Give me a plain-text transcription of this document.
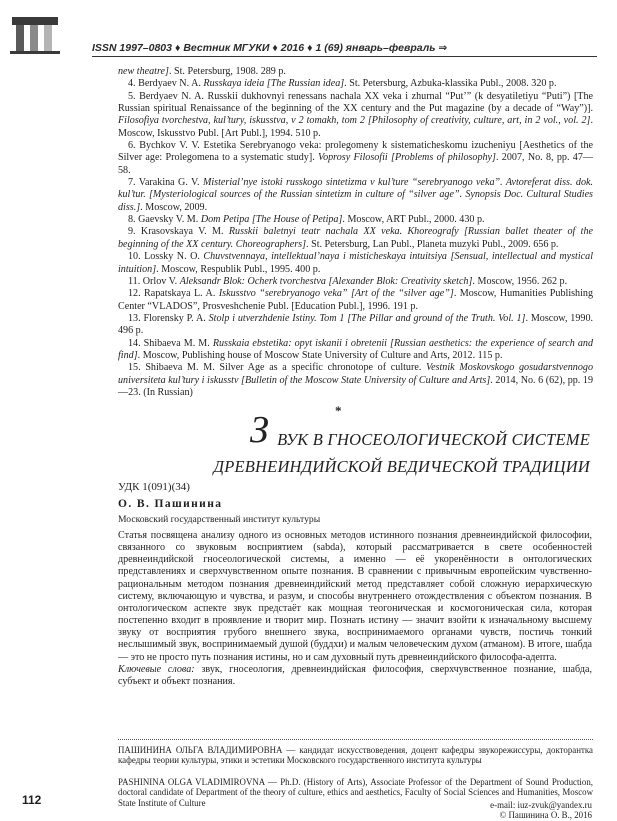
ISSN 1997–0803 ♦ Вестник МГУКИ ♦ 2016 ♦ 1 (69) январь–февраль ⇒

new theatre]. St. Petersburg, 1908. 289 p.

4. Berdyaev N. A. Russkaya ideia [The Russian idea]. St. Petersburg, Azbuka-klassika Publ., 2008. 320 p.

5. Berdyaev N. A. Russkii dukhovnyi renessans nachala XX veka i zhurnal “Put’” (k desyatiletiyu “Puti”) [The Russian spiritual Renaissance of the beginning of the XX century and the Put magazine (by a decade of “Way”)]. Filosofiya tvorchestva, kul’tury, iskusstva, v 2 tomakh, tom 2 [Philosophy of creativity, culture, art, in 2 vol., vol. 2]. Moscow, Iskusstvo Publ. [Art Publ.], 1994. 510 p.

6. Bychkov V. V. Estetika Serebryanogo veka: prolegomeny k sistematicheskomu izucheniyu [Aesthetics of the Silver age: Prolegomena to a systematic study]. Voprosy Filosofii [Problems of philosophy]. 2007, No. 8, pp. 47—58.

7. Varakina G. V. Misterial’nye istoki russkogo sintetizma v kul’ture “serebryanogo veka”. Avtoreferat diss. dok. kul’tur. [Mysteriological sources of the Russian sintetizm in culture of “silver age”. Synopsis Doc. Cultural Studies diss.]. Moscow, 2009.

8. Gaevsky V. M. Dom Petipa [The House of Petipa]. Moscow, ART Publ., 2000. 430 p.

9. Krasovskaya V. M. Russkii baletnyi teatr nachala XX veka. Khoreografy [Russian ballet theater of the beginning of the XX century. Choreographers]. St. Petersburg, Lan Publ., Planeta muzyki Publ., 2009. 656 p.

10. Lossky N. O. Chuvstvennaya, intellektual’naya i misticheskaya intuitsiya [Sensual, intellectual and mystical intuition]. Moscow, Respublik Publ., 1995. 400 p.

11. Orlov V. Aleksandr Blok: Ocherk tvorchestva [Alexander Blok: Creativity sketch]. Moscow, 1956. 262 p.

12. Rapatskaya L. A. Iskusstvo “serebryanogo veka” [Art of the “silver age”]. Moscow, Humanities Publishing Center “VLADOS”, Prosveshchenie Publ. [Education Publ.], 1996. 191 p.

13. Florensky P. A. Stolp i utverzhdenie Istiny. Tom 1 [The Pillar and ground of the Truth. Vol. 1]. Moscow, 1990. 496 p.

14. Shibaeva M. M. Russkaia ebstetika: opyt iskanii i obretenii [Russian aesthetics: the experience of search and find]. Moscow, Publishing house of Moscow State University of Culture and Arts, 2012. 115 p.

15. Shibaeva M. M. Silver Age as a specific chronotope of culture. Vestnik Moskovskogo gosudarstvennogo universiteta kul’tury i iskusstv [Bulletin of the Moscow State University of Culture and Arts]. 2014, No. 6 (62), pp. 19—23. (In Russian)

*
З ВУК В ГНОСЕОЛОГИЧЕСКОЙ СИСТЕМЕ
ДРЕВНЕИНДИЙСКОЙ ВЕДИЧЕСКОЙ ТРАДИЦИИ
УДК 1(091)(34)
О. В. Пашинина
Московский государственный институт культуры

Статья посвящена анализу одного из основных методов истинного познания древнеиндийской философии, связанного со звуковым восприятием (sabda), который рассматривается в свете особенностей древнеиндийской гносеологической системы, а именно — её укоренённости в онтологических представлениях и сверхчувственном опыте познания. В сравнении с привычным европейским чувственно-рациональным методом познания древнеиндийский метод представляет собой сложную иерархическую систему, включающую и чувства, и разум, и способы внутреннего отождествления с объектом познания. В онтологическом аспекте звук предстаёт как мощная теогоническая и космогоническая сила, которая постепенно входит в проявление и творит мир. Познать истину — значит взойти к изначальному высшему звуку от восприятия грубого внешнего звука, воспринимаемого органами чувств, постичь тонкий неслышимый звук, воспринимаемый душой (буддхи) и малым человеческим духом (атманом). В итоге, шабда — это не просто путь познания истины, но и сам духовный путь древнеиндийского философа-адепта.

Ключевые слова: звук, гносеология, древнеиндийская философия, сверхчувственное познание, шабда, субъект и объект познания.

112
ПАШИНИНА ОЛЬГА ВЛАДИМИРОВНА — кандидат искусствоведения, доцент кафедры звукорежиссуры, докторантка кафедры теории культуры, этики и эстетики Московского государственного института культуры
PASHININA OLGA VLADIMIROVNA — Ph.D. (History of Arts), Associate Professor of the Department of Sound Production, doctoral candidate of Department of the theory of culture, ethics and aesthetics, Faculty of Social Sciences and Humanities, Moscow State Institute of Culture	e-mail: iuz-zvuk@yandex.ru
© Пашинина О. В., 2016
